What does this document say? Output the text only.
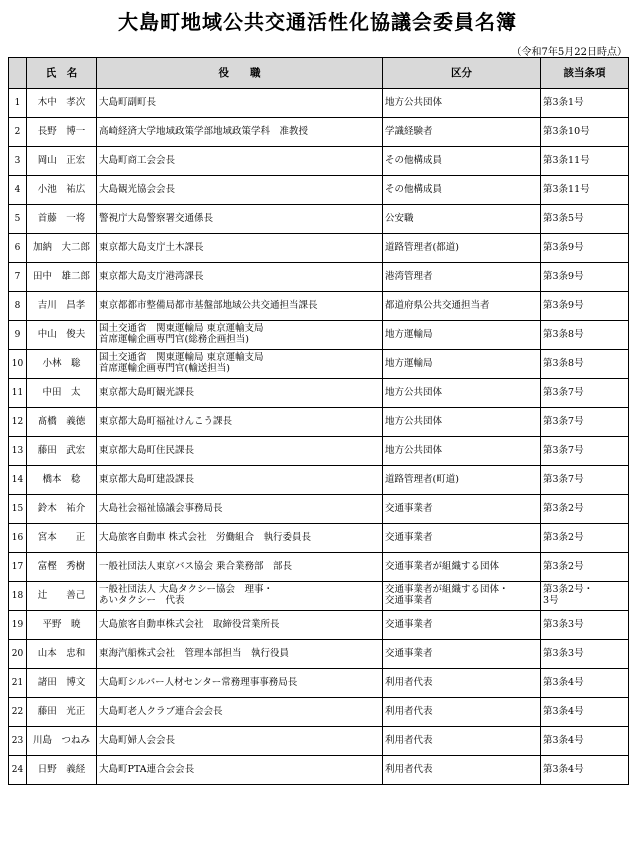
大島町地域公共交通活性化協議会委員名簿
（令和7年5月22日時点）
	氏　名	役　　職	区分	該当条項
1	木中　孝次	大島町副町長	地方公共団体	第3条1号
2	長野　博一	高崎経済大学地域政策学部地域政策学科　准教授	学識経験者	第3条10号
3	岡山　正宏	大島町商工会会長	その他構成員	第3条11号
4	小池　祐広	大島観光協会会長	その他構成員	第3条11号
5	首藤　一将	警視庁大島警察署交通係長	公安職	第3条5号
6	加納　大二郎	東京都大島支庁土木課長	道路管理者(都道)	第3条9号
7	田中　雄二郎	東京都大島支庁港湾課長	港湾管理者	第3条9号
8	吉川　昌孝	東京都都市整備局都市基盤部地域公共交通担当課長	都道府県公共交通担当者	第3条9号
9	中山　俊夫	国土交通省　関東運輸局 東京運輸支局
首席運輸企画専門官(総務企画担当)	地方運輸局	第3条8号
10	小林　聡	国土交通省　関東運輸局 東京運輸支局
首席運輸企画専門官(輸送担当)	地方運輸局	第3条8号
11	中田　太	東京都大島町観光課長	地方公共団体	第3条7号
12	髙橋　義徳	東京都大島町福祉けんこう課長	地方公共団体	第3条7号
13	藤田　武宏	東京都大島町住民課長	地方公共団体	第3条7号
14	橋本　稔	東京都大島町建設課長	道路管理者(町道)	第3条7号
15	鈴木　祐介	大島社会福祉協議会事務局長	交通事業者	第3条2号
16	宮本　　正	大島旅客自動車 株式会社　労働組合　執行委員長	交通事業者	第3条2号
17	富樫　秀樹	一般社団法人東京バス協会 乗合業務部　部長	交通事業者が組織する団体	第3条2号
18	辻　　善己	一般社団法人 大島タクシー協会　理事・
あいタクシー　代表	交通事業者が組織する団体・
交通事業者	第3条2号・
3号
19	平野　暁	大島旅客自動車株式会社　取締役営業所長	交通事業者	第3条3号
20	山本　忠和	東海汽船株式会社　管理本部担当　執行役員	交通事業者	第3条3号
21	諸田　博文	大島町シルバー人材センター常務理事事務局長	利用者代表	第3条4号
22	藤田　光正	大島町老人クラブ連合会会長	利用者代表	第3条4号
23	川島　つねみ	大島町婦人会会長	利用者代表	第3条4号
24	日野　義経	大島町PTA連合会会長	利用者代表	第3条4号
